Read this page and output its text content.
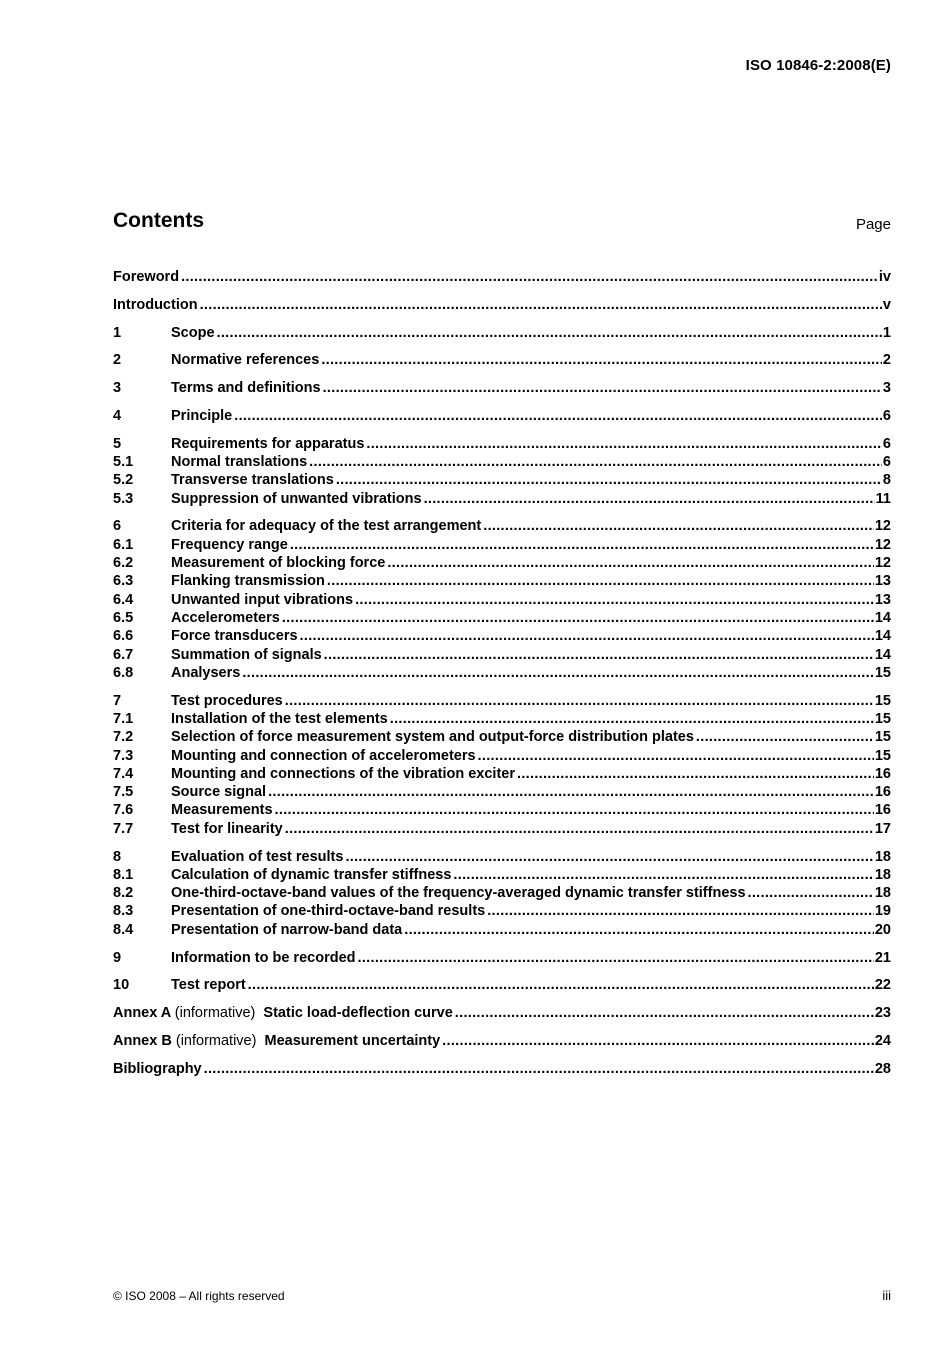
ISO 10846-2:2008(E)
Contents	Page
Foreword .....	iv
Introduction .....	v
1	Scope .....	1
2	Normative references .....	2
3	Terms and definitions .....	3
4	Principle .....	6
5	Requirements for apparatus .....	6
5.1	Normal translations .....	6
5.2	Transverse translations .....	8
5.3	Suppression of unwanted vibrations .....	11
6	Criteria for adequacy of the test arrangement .....	12
6.1	Frequency range .....	12
6.2	Measurement of blocking force .....	12
6.3	Flanking transmission .....	13
6.4	Unwanted input vibrations .....	13
6.5	Accelerometers .....	14
6.6	Force transducers .....	14
6.7	Summation of signals .....	14
6.8	Analysers .....	15
7	Test procedures .....	15
7.1	Installation of the test elements .....	15
7.2	Selection of force measurement system and output-force distribution plates .....	15
7.3	Mounting and connection of accelerometers .....	15
7.4	Mounting and connections of the vibration exciter .....	16
7.5	Source signal .....	16
7.6	Measurements .....	16
7.7	Test for linearity .....	17
8	Evaluation of test results .....	18
8.1	Calculation of dynamic transfer stiffness .....	18
8.2	One-third-octave-band values of the frequency-averaged dynamic transfer stiffness .....	18
8.3	Presentation of one-third-octave-band results .....	19
8.4	Presentation of narrow-band data .....	20
9	Information to be recorded .....	21
10	Test report .....	22
Annex A (informative) Static load-deflection curve .....	23
Annex B (informative) Measurement uncertainty .....	24
Bibliography .....	28
© ISO 2008 – All rights reserved	iii
